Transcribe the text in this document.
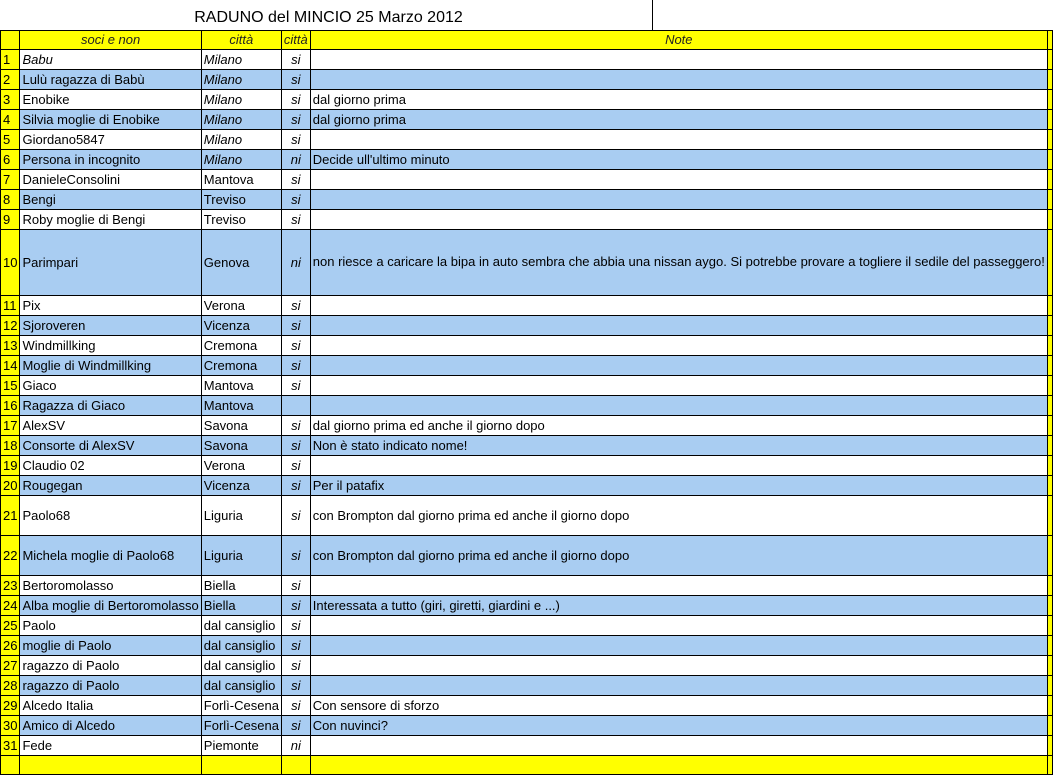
RADUNO del MINCIO 25 Marzo 2012
	soci e non	città	città	Note	
1	Babu	Milano	si		
2	Lulù ragazza di Babù	Milano	si		
3	Enobike	Milano	si	dal giorno prima	
4	Silvia moglie di Enobike	Milano	si	dal giorno prima	
5	Giordano5847	Milano	si		
6	Persona in incognito	Milano	ni	Decide ull'ultimo minuto	
7	DanieleConsolini	Mantova	si		
8	Bengi	Treviso	si		
9	Roby moglie di Bengi	Treviso	si		
10	Parimpari	Genova	ni	non riesce a caricare la bipa in auto sembra che abbia una nissan aygo. Si potrebbe provare a togliere il sedile del passeggero!	
11	Pix	Verona	si		
12	Sjoroveren	Vicenza	si		
13	Windmillking	Cremona	si		
14	Moglie di Windmillking	Cremona	si		
15	Giaco	Mantova	si		
16	Ragazza di Giaco	Mantova			
17	AlexSV	Savona	si	dal giorno prima ed anche il giorno dopo	
18	Consorte di AlexSV	Savona	si	Non è stato indicato nome!	
19	Claudio 02	Verona	si		
20	Rougegan	Vicenza	si	Per il patafix	
21	Paolo68	Liguria	si	con Brompton dal giorno prima ed anche il giorno dopo	
22	Michela moglie di Paolo68	Liguria	si	con Brompton dal giorno prima ed anche il giorno dopo	
23	Bertoromolasso	Biella	si		
24	Alba moglie di Bertoromolasso	Biella	si	Interessata a tutto (giri, giretti, giardini e ...)	
25	Paolo	dal cansiglio	si		
26	moglie di Paolo	dal cansiglio	si		
27	ragazzo di Paolo	dal cansiglio	si		
28	ragazzo di Paolo	dal cansiglio	si		
29	Alcedo Italia	Forlì-Cesena	si	Con sensore di sforzo	
30	Amico di Alcedo	Forlì-Cesena	si	Con nuvinci?	
31	Fede	Piemonte	ni		
